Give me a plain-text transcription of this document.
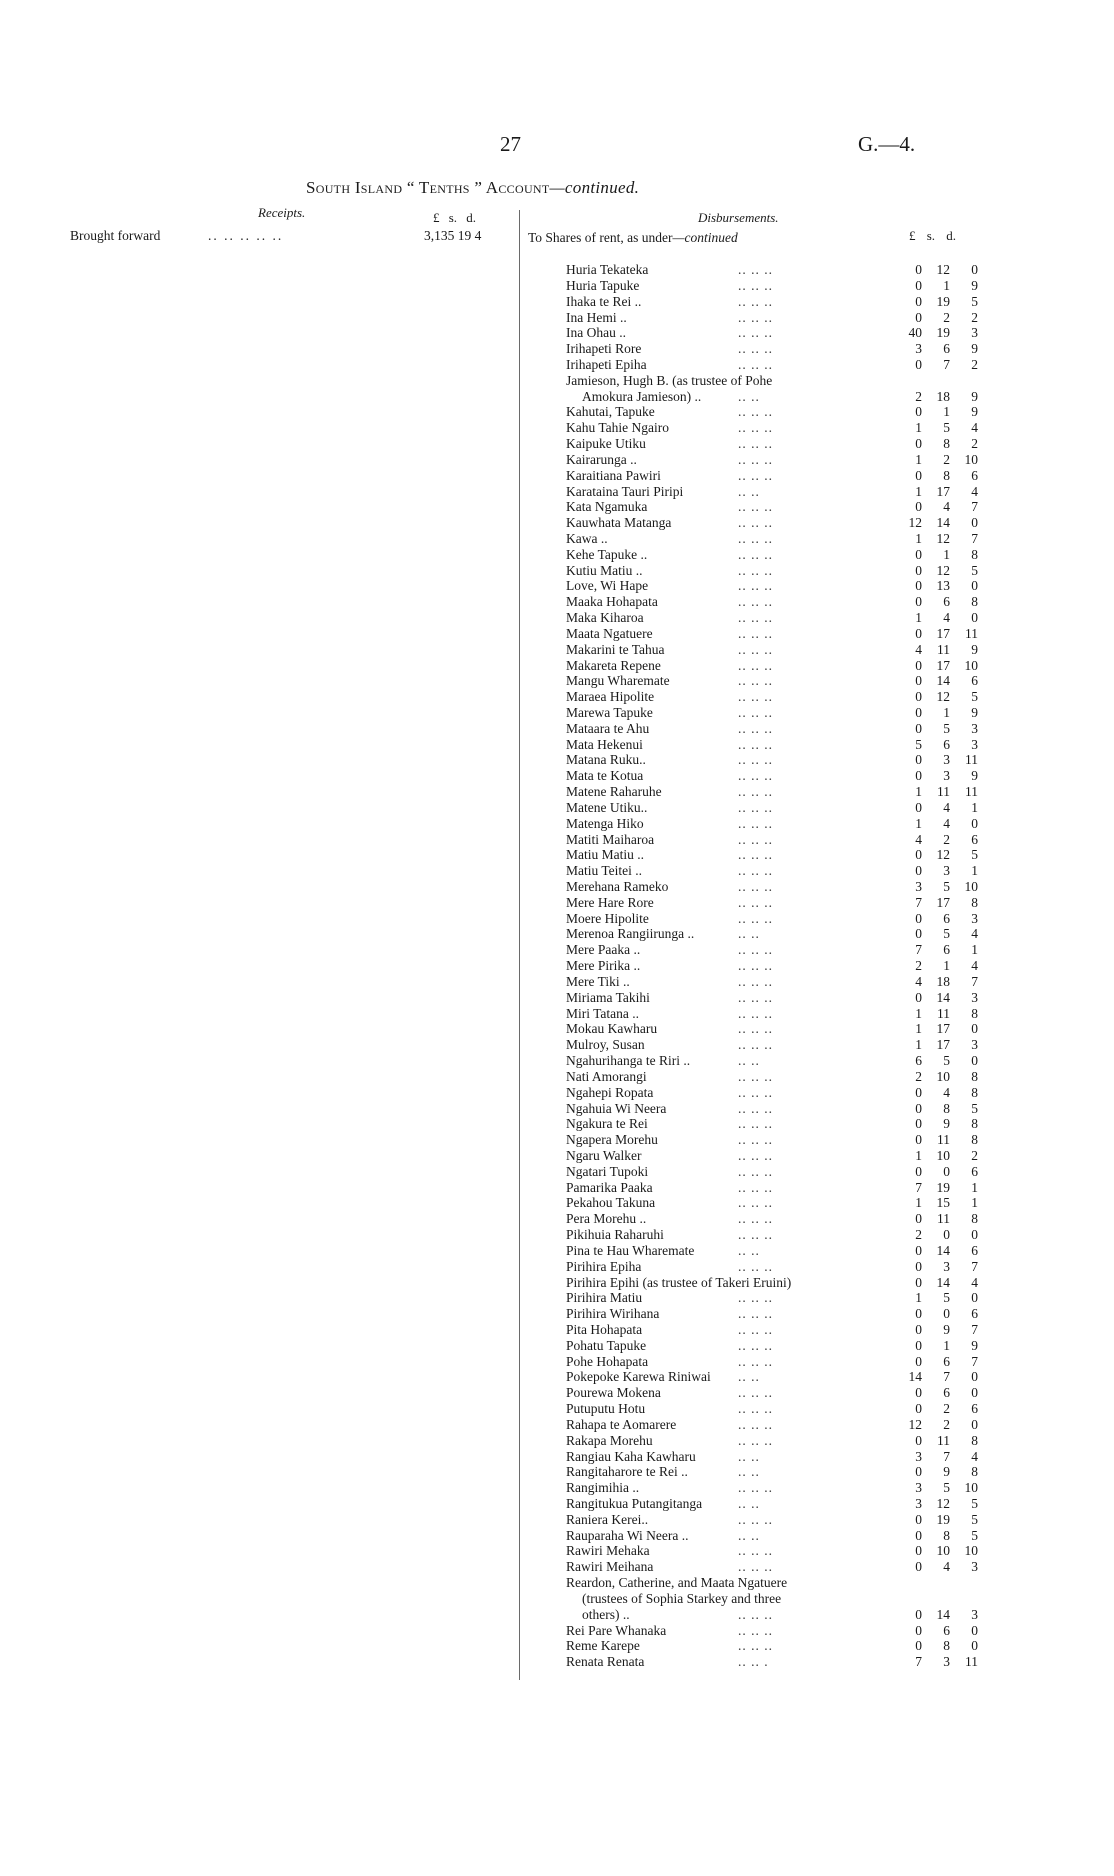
27	G.—4.
South Island “ Tenths ” Account—continued.
Receipts.	£ s. d.
Brought forward	.. .. .. .. ..	3,135 19 4
Disbursements.
£ s. d.
To Shares of rent, as under—continued
Huria Tekateka	.. .. ..	0	12	0
Huria Tapuke	.. .. ..	0	1	9
Ihaka te Rei ..	.. .. ..	0	19	5
Ina Hemi ..	.. .. ..	0	2	2
Ina Ohau ..	.. .. ..	40	19	3
Irihapeti Rore	.. .. ..	3	6	9
Irihapeti Epiha	.. .. ..	0	7	2
Jamieson, Hugh B. (as trustee of Pohe
Amokura Jamieson) ..	.. ..	2	18	9
Kahutai, Tapuke	.. .. ..	0	1	9
Kahu Tahie Ngairo	.. .. ..	1	5	4
Kaipuke Utiku	.. .. ..	0	8	2
Kairarunga ..	.. .. ..	1	2	10
Karaitiana Pawiri	.. .. ..	0	8	6
Karataina Tauri Piripi	.. ..	1	17	4
Kata Ngamuka	.. .. ..	0	4	7
Kauwhata Matanga	.. .. ..	12	14	0
Kawa ..	.. .. ..	1	12	7
Kehe Tapuke ..	.. .. ..	0	1	8
Kutiu Matiu ..	.. .. ..	0	12	5
Love, Wi Hape	.. .. ..	0	13	0
Maaka Hohapata	.. .. ..	0	6	8
Maka Kiharoa	.. .. ..	1	4	0
Maata Ngatuere	.. .. ..	0	17	11
Makarini te Tahua	.. .. ..	4	11	9
Makareta Repene	.. .. ..	0	17	10
Mangu Wharemate	.. .. ..	0	14	6
Maraea Hipolite	.. .. ..	0	12	5
Marewa Tapuke	.. .. ..	0	1	9
Mataara te Ahu	.. .. ..	0	5	3
Mata Hekenui	.. .. ..	5	6	3
Matana Ruku..	.. .. ..	0	3	11
Mata te Kotua	.. .. ..	0	3	9
Matene Raharuhe	.. .. ..	1	11	11
Matene Utiku..	.. .. ..	0	4	1
Matenga Hiko	.. .. ..	1	4	0
Matiti Maiharoa	.. .. ..	4	2	6
Matiu Matiu ..	.. .. ..	0	12	5
Matiu Teitei ..	.. .. ..	0	3	1
Merehana Rameko	.. .. ..	3	5	10
Mere Hare Rore	.. .. ..	7	17	8
Moere Hipolite	.. .. ..	0	6	3
Merenoa Rangiirunga ..	.. ..	0	5	4
Mere Paaka ..	.. .. ..	7	6	1
Mere Pirika ..	.. .. ..	2	1	4
Mere Tiki ..	.. .. ..	4	18	7
Miriama Takihi	.. .. ..	0	14	3
Miri Tatana ..	.. .. ..	1	11	8
Mokau Kawharu	.. .. ..	1	17	0
Mulroy, Susan	.. .. ..	1	17	3
Ngahurihanga te Riri ..	.. ..	6	5	0
Nati Amorangi	.. .. ..	2	10	8
Ngahepi Ropata	.. .. ..	0	4	8
Ngahuia Wi Neera	.. .. ..	0	8	5
Ngakura te Rei	.. .. ..	0	9	8
Ngapera Morehu	.. .. ..	0	11	8
Ngaru Walker	.. .. ..	1	10	2
Ngatari Tupoki	.. .. ..	0	0	6
Pamarika Paaka	.. .. ..	7	19	1
Pekahou Takuna	.. .. ..	1	15	1
Pera Morehu ..	.. .. ..	0	11	8
Pikihuia Raharuhi	.. .. ..	2	0	0
Pina te Hau Wharemate	.. ..	0	14	6
Pirihira Epiha	.. .. ..	0	3	7
Pirihira Epihi (as trustee of Takeri Eruini)	0	14	4
Pirihira Matiu	.. .. ..	1	5	0
Pirihira Wirihana	.. .. ..	0	0	6
Pita Hohapata	.. .. ..	0	9	7
Pohatu Tapuke	.. .. ..	0	1	9
Pohe Hohapata	.. .. ..	0	6	7
Pokepoke Karewa Riniwai .. ..	14	7	0
Pourewa Mokena	.. .. ..	0	6	0
Putuputu Hotu	.. .. ..	0	2	6
Rahapa te Aomarere	.. .. ..	12	2	0
Rakapa Morehu	.. .. ..	0	11	8
Rangiau Kaha Kawharu	.. ..	3	7	4
Rangitaharore te Rei ..	.. ..	0	9	8
Rangimihia ..	.. .. ..	3	5	10
Rangitukua Putangitanga	.. ..	3	12	5
Raniera Kerei..	.. .. ..	0	19	5
Rauparaha Wi Neera ..	.. ..	0	8	5
Rawiri Mehaka	.. .. ..	0	10	10
Rawiri Meihana	.. .. ..	0	4	3
Reardon, Catherine, and Maata Ngatuere
(trustees of Sophia Starkey and three
others) ..	.. .. ..	0	14	3
Rei Pare Whanaka	.. .. ..	0	6	0
Reme Karepe	.. .. ..	0	8	0
Renata Renata	.. .. .	7	3	11
